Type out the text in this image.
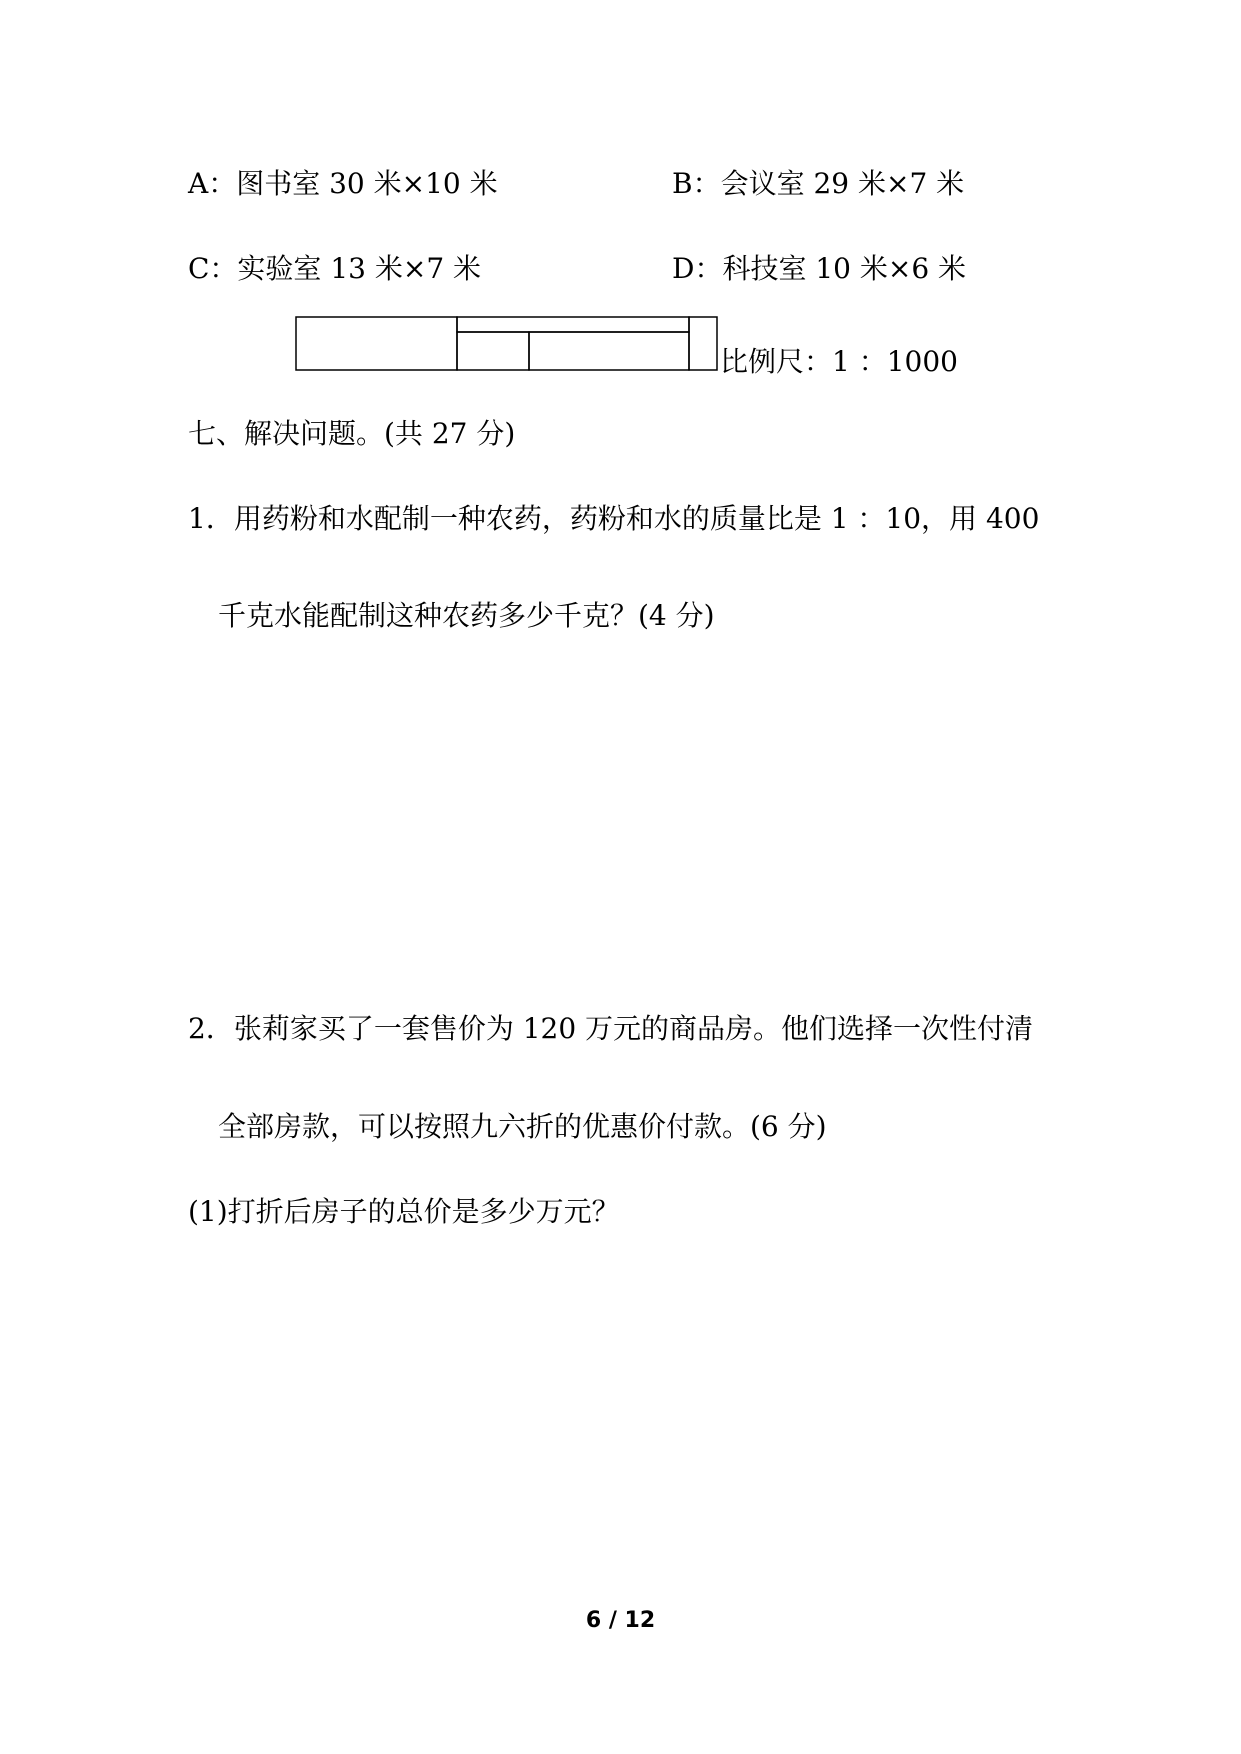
A：图书室 30 米×10 米	B：会议室 29 米×7 米
C：实验室 13 米×7 米	D：科技室 10 米×6 米
比例尺：1 ：1000
七、解决问题。(共 27 分)
1．用药粉和水配制一种农药，药粉和水的质量比是 1 ：10，用 400
千克水能配制这种农药多少千克？(4 分)
2．张莉家买了一套售价为 120 万元的商品房。他们选择一次性付清
全部房款，可以按照九六折的优惠价付款。(6 分)
(1)打折后房子的总价是多少万元？
6 / 12
